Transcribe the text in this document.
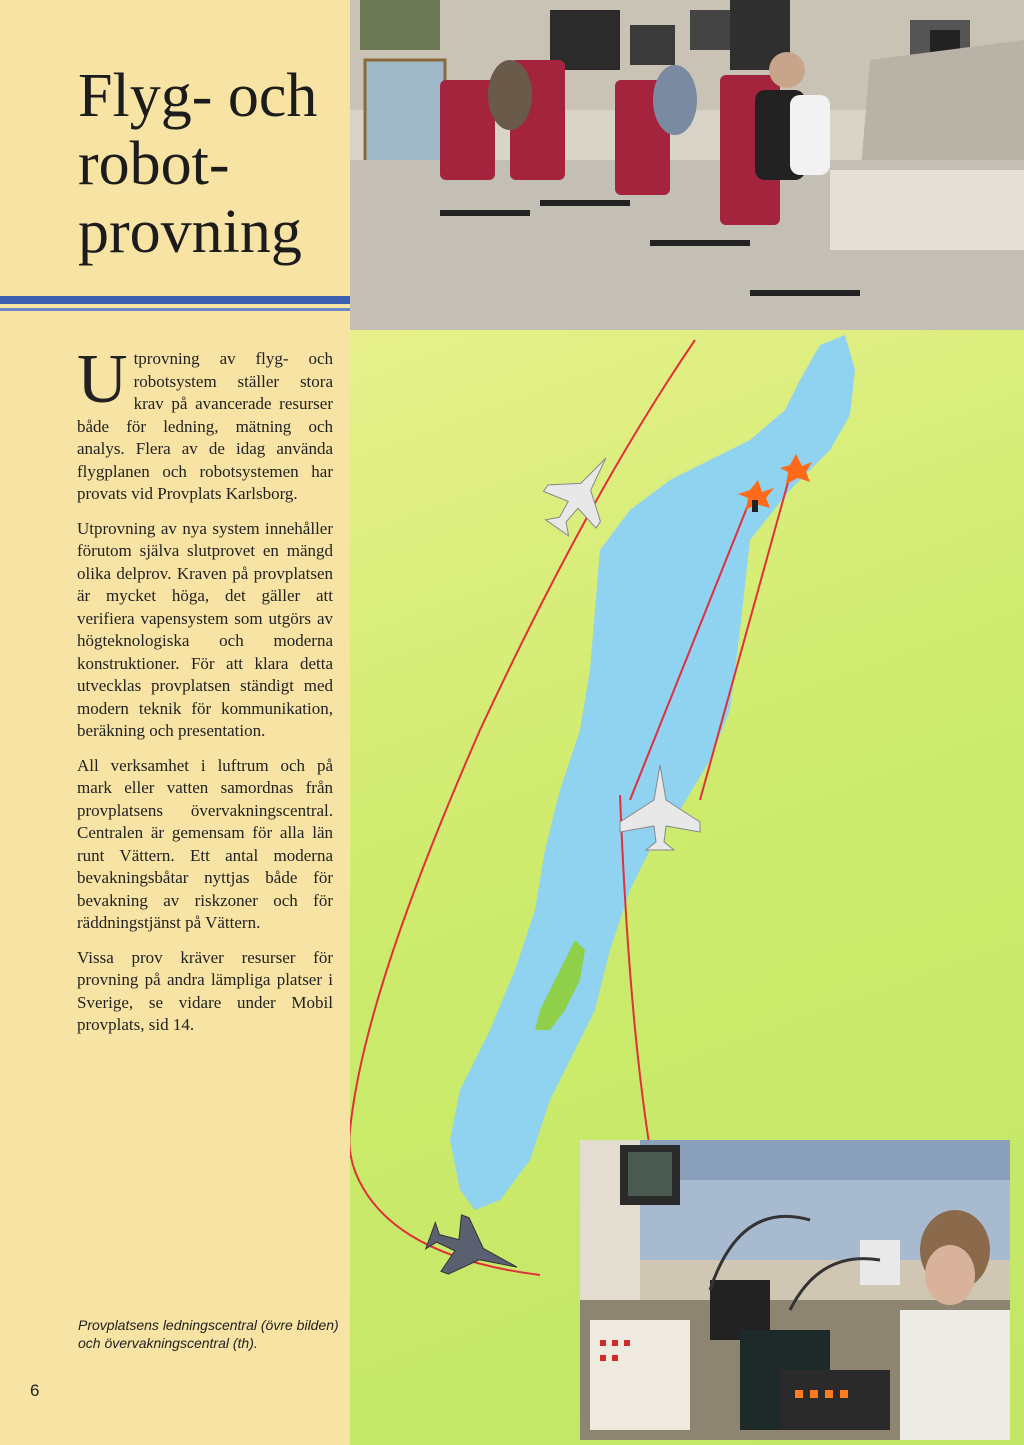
Flyg- och
robot-
provning

Utprovning av flyg- och robotsystem ställer stora krav på avancerade resurser både för ledning, mätning och analys. Flera av de idag använda flygplanen och robotsystemen har provats vid Provplats Karlsborg.

Utprovning av nya system innehåller förutom själva slutprovet en mängd olika delprov. Kraven på provplatsen är mycket höga, det gäller att verifiera vapensystem som utgörs av högteknologiska och moderna konstruktioner. För att klara detta utvecklas provplatsen ständigt med modern teknik för kommunikation, beräkning och presentation.

All verksamhet i luftrum och på mark eller vatten samordnas från provplatsens övervakningscentral. Centralen är gemensam för alla län runt Vättern. Ett antal moderna bevakningsbåtar nyttjas både för bevakning av riskzoner och för räddningstjänst på Vättern.

Vissa prov kräver resurser för provning på andra lämpliga platser i Sverige, se vidare under Mobil provplats, sid 14.

Provplatsens ledningscentral (övre bilden) och övervakningscentral (th).
6
